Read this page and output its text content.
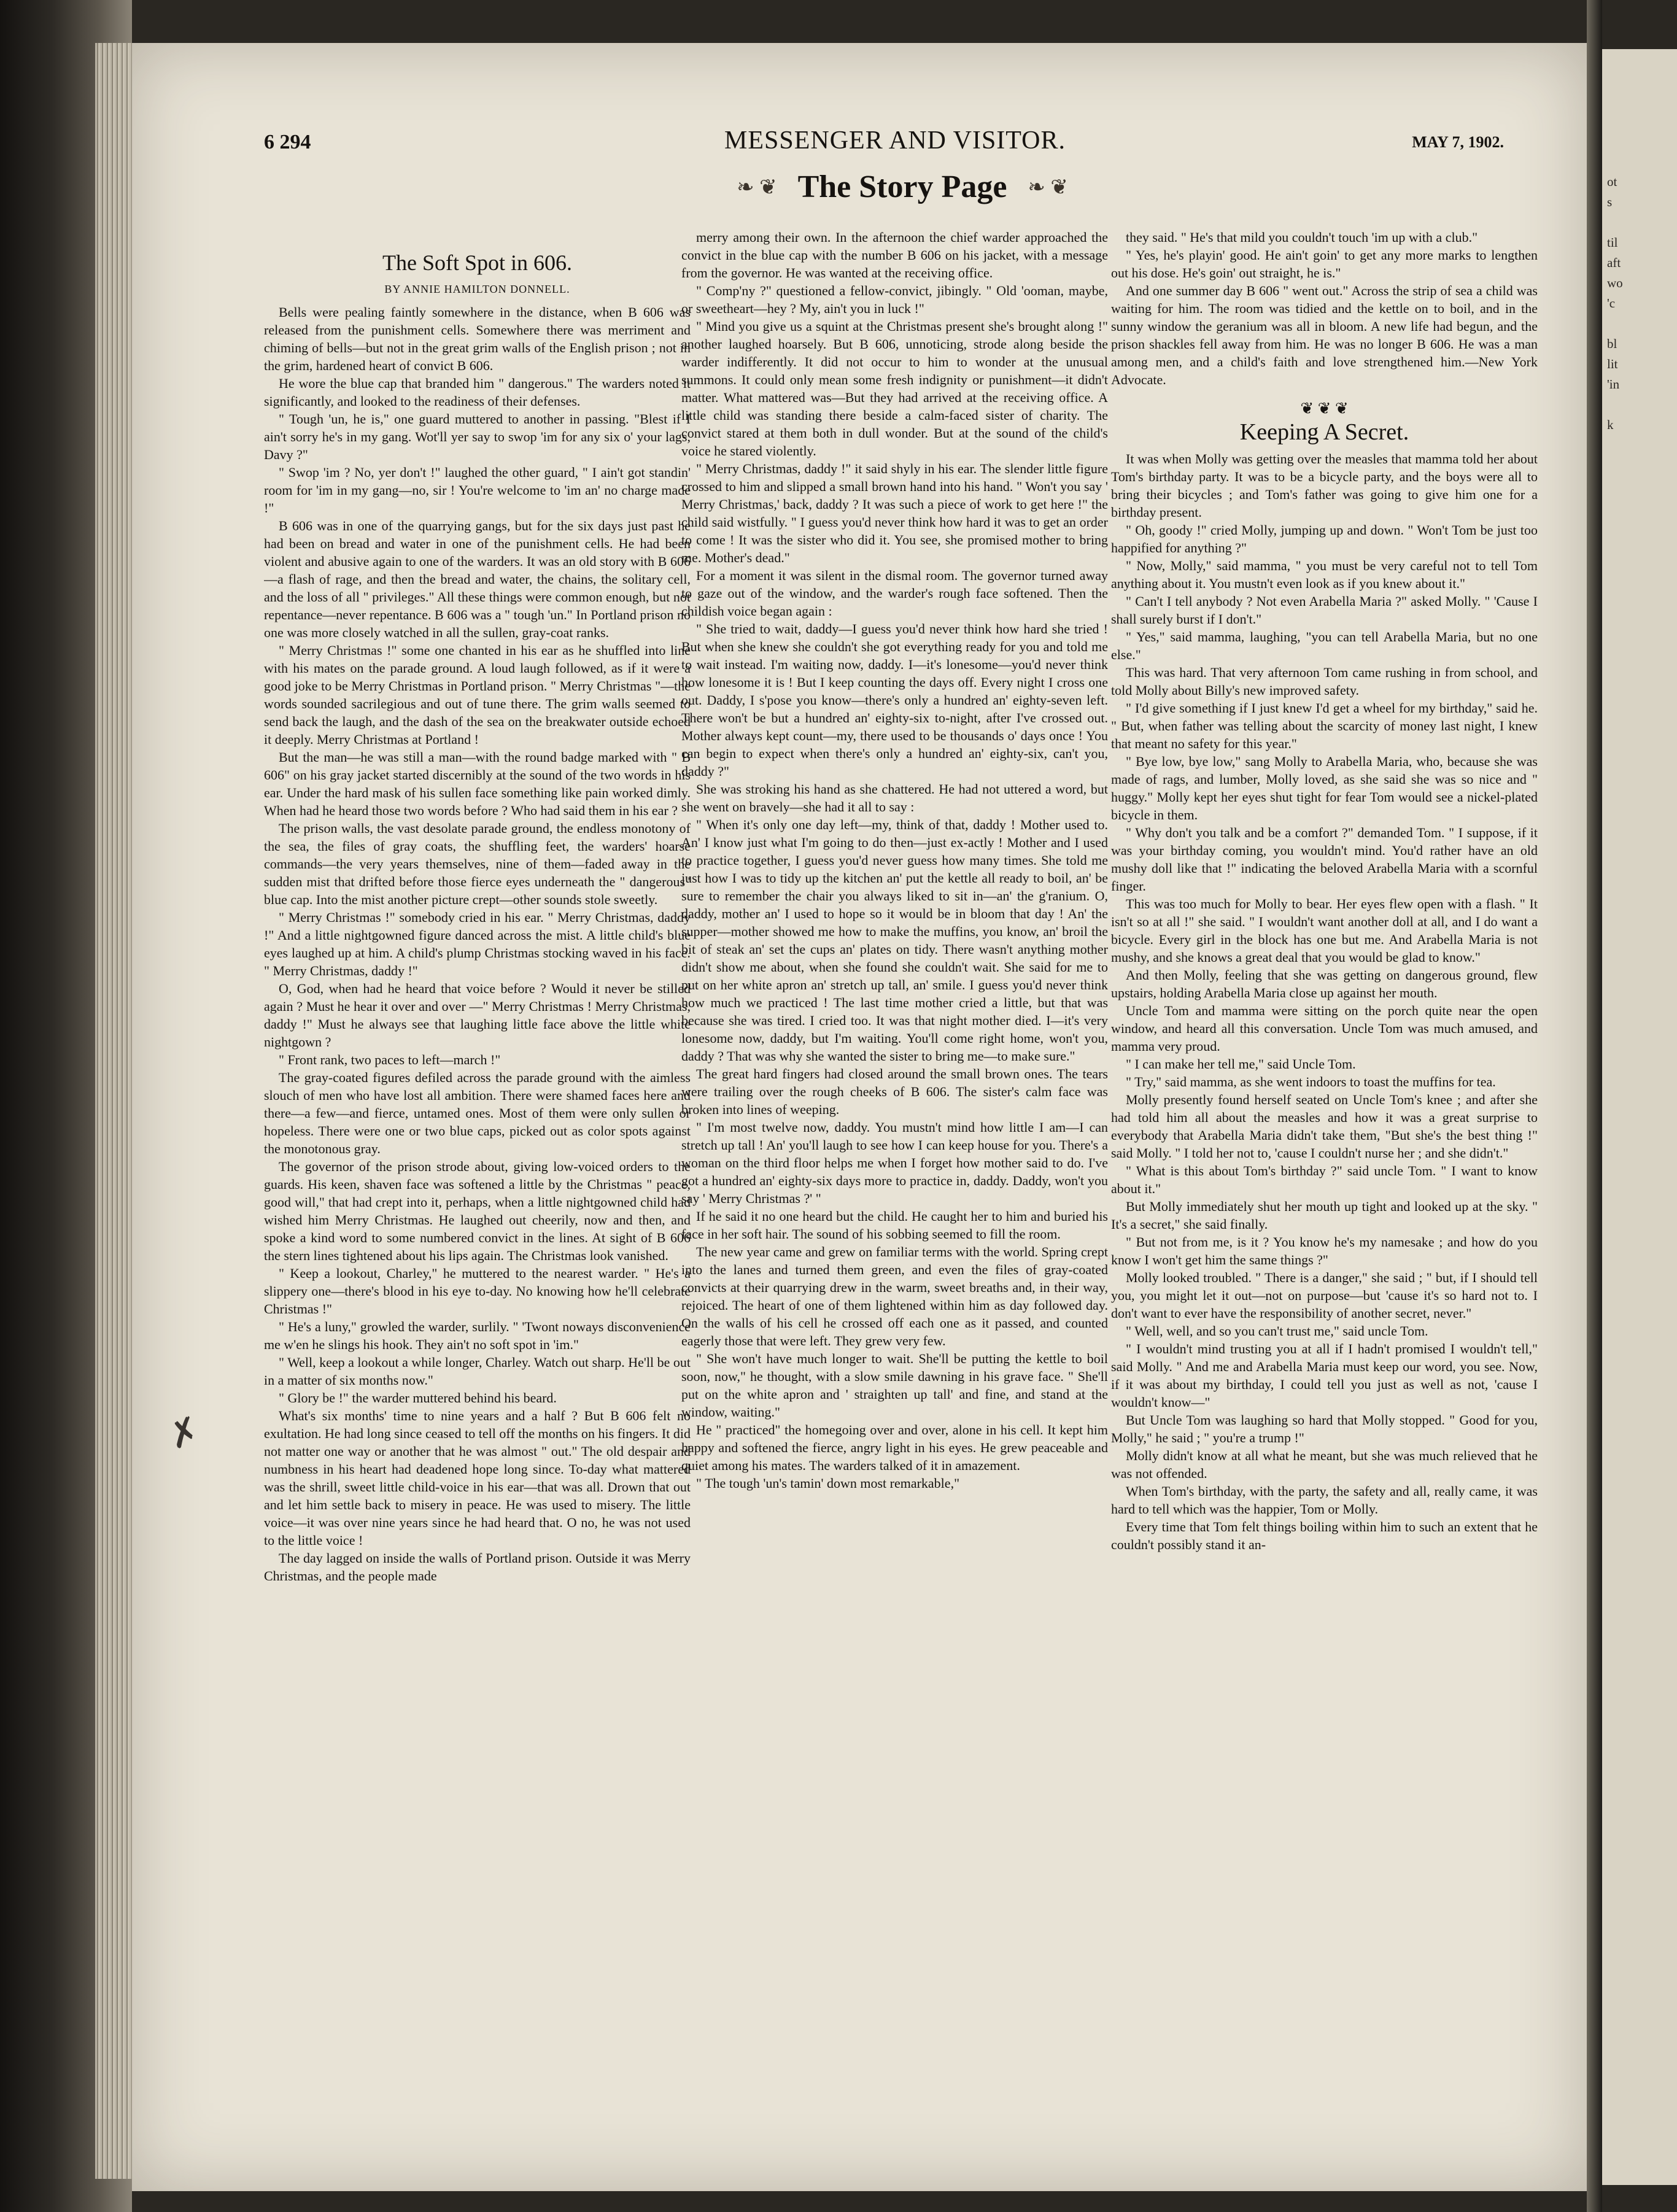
ot
s
til
aft
wo
'c
bl
lit
'in
k
6 294	MESSENGER AND VISITOR.	MAY 7, 1902.
❧ ❦ The Story Page ❧ ❦
✗
The Soft Spot in 606.
BY ANNIE HAMILTON DONNELL.

Bells were pealing faintly somewhere in the distance, when B 606 was released from the punishment cells. Somewhere there was merriment and chiming of bells—but not in the great grim walls of the English prison ; not in the grim, hardened heart of convict B 606.

He wore the blue cap that branded him " dangerous." The warders noted it significantly, and looked to the readiness of their defenses.

" Tough 'un, he is," one guard muttered to another in passing. "Blest if I ain't sorry he's in my gang. Wot'll yer say to swop 'im for any six o' your lags, Davy ?"

" Swop 'im ? No, yer don't !" laughed the other guard, " I ain't got standin' room for 'im in my gang—no, sir ! You're welcome to 'im an' no charge made !"

B 606 was in one of the quarrying gangs, but for the six days just past he had been on bread and water in one of the punishment cells. He had been violent and abusive again to one of the warders. It was an old story with B 606—a flash of rage, and then the bread and water, the chains, the solitary cell, and the loss of all " privileges." All these things were common enough, but not repentance—never repentance. B 606 was a " tough 'un." In Portland prison no one was more closely watched in all the sullen, gray-coat ranks.

" Merry Christmas !" some one chanted in his ear as he shuffled into line with his mates on the parade ground. A loud laugh followed, as if it were a good joke to be Merry Christmas in Portland prison. " Merry Christmas "—the words sounded sacrilegious and out of tune there. The grim walls seemed to send back the laugh, and the dash of the sea on the breakwater outside echoed it deeply. Merry Christmas at Portland !

But the man—he was still a man—with the round badge marked with " B 606" on his gray jacket started discernibly at the sound of the two words in his ear. Under the hard mask of his sullen face something like pain worked dimly. When had he heard those two words before ? Who had said them in his ear ?

The prison walls, the vast desolate parade ground, the endless monotony of the sea, the files of gray coats, the shuffling feet, the warders' hoarse commands—the very years themselves, nine of them—faded away in the sudden mist that drifted before those fierce eyes underneath the " dangerous" blue cap. Into the mist another picture crept—other sounds stole sweetly.

" Merry Christmas !" somebody cried in his ear. " Merry Christmas, daddy !" And a little nightgowned figure danced across the mist. A little child's blue eyes laughed up at him. A child's plump Christmas stocking waved in his face. " Merry Christmas, daddy !"

O, God, when had he heard that voice before ? Would it never be stilled again ? Must he hear it over and over —" Merry Christmas ! Merry Christmas, daddy !" Must he always see that laughing little face above the little white nightgown ?

" Front rank, two paces to left—march !"

The gray-coated figures defiled across the parade ground with the aimless slouch of men who have lost all ambition. There were shamed faces here and there—a few—and fierce, untamed ones. Most of them were only sullen or hopeless. There were one or two blue caps, picked out as color spots against the monotonous gray.

The governor of the prison strode about, giving low-voiced orders to the guards. His keen, shaven face was softened a little by the Christmas " peace, good will," that had crept into it, perhaps, when a little nightgowned child had wished him Merry Christmas. He laughed out cheerily, now and then, and spoke a kind word to some numbered convict in the lines. At sight of B 606 the stern lines tightened about his lips again. The Christmas look vanished.

" Keep a lookout, Charley," he muttered to the nearest warder. " He's a slippery one—there's blood in his eye to-day. No knowing how he'll celebrate Christmas !"

" He's a luny," growled the warder, surlily. " 'Twont noways disconvenience me w'en he slings his hook. They ain't no soft spot in 'im."

" Well, keep a lookout a while longer, Charley. Watch out sharp. He'll be out in a matter of six months now."

" Glory be !" the warder muttered behind his beard.

What's six months' time to nine years and a half ? But B 606 felt no exultation. He had long since ceased to tell off the months on his fingers. It did not matter one way or another that he was almost " out." The old despair and numbness in his heart had deadened hope long since. To-day what mattered was the shrill, sweet little child-voice in his ear—that was all. Drown that out and let him settle back to misery in peace. He was used to misery. The little voice—it was over nine years since he had heard that. O no, he was not used to the little voice !

The day lagged on inside the walls of Portland prison. Outside it was Merry Christmas, and the people made

merry among their own. In the afternoon the chief warder approached the convict in the blue cap with the number B 606 on his jacket, with a message from the governor. He was wanted at the receiving office.

" Comp'ny ?" questioned a fellow-convict, jibingly. " Old 'ooman, maybe, or sweetheart—hey ? My, ain't you in luck !"

" Mind you give us a squint at the Christmas present she's brought along !" another laughed hoarsely. But B 606, unnoticing, strode along beside the warder indifferently. It did not occur to him to wonder at the unusual summons. It could only mean some fresh indignity or punishment—it didn't matter. What mattered was—But they had arrived at the receiving office. A little child was standing there beside a calm-faced sister of charity. The convict stared at them both in dull wonder. But at the sound of the child's voice he stared violently.

" Merry Christmas, daddy !" it said shyly in his ear. The slender little figure crossed to him and slipped a small brown hand into his hand. " Won't you say ' Merry Christmas,' back, daddy ? It was such a piece of work to get here !" the child said wistfully. " I guess you'd never think how hard it was to get an order to come ! It was the sister who did it. You see, she promised mother to bring me. Mother's dead."

For a moment it was silent in the dismal room. The governor turned away to gaze out of the window, and the warder's rough face softened. Then the childish voice began again :

" She tried to wait, daddy—I guess you'd never think how hard she tried ! But when she knew she couldn't she got everything ready for you and told me to wait instead. I'm waiting now, daddy. I—it's lonesome—you'd never think how lonesome it is ! But I keep counting the days off. Every night I cross one out. Daddy, I s'pose you know—there's only a hundred an' eighty-seven left. There won't be but a hundred an' eighty-six to-night, after I've crossed out. Mother always kept count—my, there used to be thousands o' days once ! You can begin to expect when there's only a hundred an' eighty-six, can't you, daddy ?"

She was stroking his hand as she chattered. He had not uttered a word, but she went on bravely—she had it all to say :

" When it's only one day left—my, think of that, daddy ! Mother used to. An' I know just what I'm going to do then—just ex-actly ! Mother and I used to practice together, I guess you'd never guess how many times. She told me just how I was to tidy up the kitchen an' put the kettle all ready to boil, an' be sure to remember the chair you always liked to sit in—an' the g'ranium. O, daddy, mother an' I used to hope so it would be in bloom that day ! An' the supper—mother showed me how to make the muffins, you know, an' broil the bit of steak an' set the cups an' plates on tidy. There wasn't anything mother didn't show me about, when she found she couldn't wait. She said for me to put on her white apron an' stretch up tall, an' smile. I guess you'd never think how much we practiced ! The last time mother cried a little, but that was because she was tired. I cried too. It was that night mother died. I—it's very lonesome now, daddy, but I'm waiting. You'll come right home, won't you, daddy ? That was why she wanted the sister to bring me—to make sure."

The great hard fingers had closed around the small brown ones. The tears were trailing over the rough cheeks of B 606. The sister's calm face was broken into lines of weeping.

" I'm most twelve now, daddy. You mustn't mind how little I am—I can stretch up tall ! An' you'll laugh to see how I can keep house for you. There's a woman on the third floor helps me when I forget how mother said to do. I've got a hundred an' eighty-six days more to practice in, daddy. Daddy, won't you say ' Merry Christmas ?' "

If he said it no one heard but the child. He caught her to him and buried his face in her soft hair. The sound of his sobbing seemed to fill the room.

The new year came and grew on familiar terms with the world. Spring crept into the lanes and turned them green, and even the files of gray-coated convicts at their quarrying drew in the warm, sweet breaths and, in their way, rejoiced. The heart of one of them lightened within him as day followed day. On the walls of his cell he crossed off each one as it passed, and counted eagerly those that were left. They grew very few.

" She won't have much longer to wait. She'll be putting the kettle to boil soon, now," he thought, with a slow smile dawning in his grave face. " She'll put on the white apron and ' straighten up tall' and fine, and stand at the window, waiting."

He " practiced" the homegoing over and over, alone in his cell. It kept him happy and softened the fierce, angry light in his eyes. He grew peaceable and quiet among his mates. The warders talked of it in amazement.

" The tough 'un's tamin' down most remarkable,"

they said. " He's that mild you couldn't touch 'im up with a club."

" Yes, he's playin' good. He ain't goin' to get any more marks to lengthen out his dose. He's goin' out straight, he is."

And one summer day B 606 " went out." Across the strip of sea a child was waiting for him. The room was tidied and the kettle on to boil, and in the sunny window the geranium was all in bloom. A new life had begun, and the prison shackles fell away from him. He was no longer B 606. He was a man among men, and a child's faith and love strengthened him.—New York Advocate.

❦ ❦ ❦
Keeping A Secret.

It was when Molly was getting over the measles that mamma told her about Tom's birthday party. It was to be a bicycle party, and the boys were all to bring their bicycles ; and Tom's father was going to give him one for a birthday present.

" Oh, goody !" cried Molly, jumping up and down. " Won't Tom be just too happified for anything ?"

" Now, Molly," said mamma, " you must be very careful not to tell Tom anything about it. You mustn't even look as if you knew about it."

" Can't I tell anybody ? Not even Arabella Maria ?" asked Molly. " 'Cause I shall surely burst if I don't."

" Yes," said mamma, laughing, "you can tell Arabella Maria, but no one else."

This was hard. That very afternoon Tom came rushing in from school, and told Molly about Billy's new improved safety.

" I'd give something if I just knew I'd get a wheel for my birthday," said he. " But, when father was telling about the scarcity of money last night, I knew that meant no safety for this year."

" Bye low, bye low," sang Molly to Arabella Maria, who, because she was made of rags, and lumber, Molly loved, as she said she was so nice and " huggy." Molly kept her eyes shut tight for fear Tom would see a nickel-plated bicycle in them.

" Why don't you talk and be a comfort ?" demanded Tom. " I suppose, if it was your birthday coming, you wouldn't mind. You'd rather have an old mushy doll like that !" indicating the beloved Arabella Maria with a scornful finger.

This was too much for Molly to bear. Her eyes flew open with a flash. " It isn't so at all !" she said. " I wouldn't want another doll at all, and I do want a bicycle. Every girl in the block has one but me. And Arabella Maria is not mushy, and she knows a great deal that you would be glad to know."

And then Molly, feeling that she was getting on dangerous ground, flew upstairs, holding Arabella Maria close up against her mouth.

Uncle Tom and mamma were sitting on the porch quite near the open window, and heard all this conversation. Uncle Tom was much amused, and mamma very proud.

" I can make her tell me," said Uncle Tom.

" Try," said mamma, as she went indoors to toast the muffins for tea.

Molly presently found herself seated on Uncle Tom's knee ; and after she had told him all about the measles and how it was a great surprise to everybody that Arabella Maria didn't take them, "But she's the best thing !" said Molly. " I told her not to, 'cause I couldn't nurse her ; and she didn't."

" What is this about Tom's birthday ?" said uncle Tom. " I want to know about it."

But Molly immediately shut her mouth up tight and looked up at the sky. " It's a secret," she said finally.

" But not from me, is it ? You know he's my namesake ; and how do you know I won't get him the same things ?"

Molly looked troubled. " There is a danger," she said ; " but, if I should tell you, you might let it out—not on purpose—but 'cause it's so hard not to. I don't want to ever have the responsibility of another secret, never."

" Well, well, and so you can't trust me," said uncle Tom.

" I wouldn't mind trusting you at all if I hadn't promised I wouldn't tell," said Molly. " And me and Arabella Maria must keep our word, you see. Now, if it was about my birthday, I could tell you just as well as not, 'cause I wouldn't know—"

But Uncle Tom was laughing so hard that Molly stopped. " Good for you, Molly," he said ; " you're a trump !"

Molly didn't know at all what he meant, but she was much relieved that he was not offended.

When Tom's birthday, with the party, the safety and all, really came, it was hard to tell which was the happier, Tom or Molly.

Every time that Tom felt things boiling within him to such an extent that he couldn't possibly stand it an-
